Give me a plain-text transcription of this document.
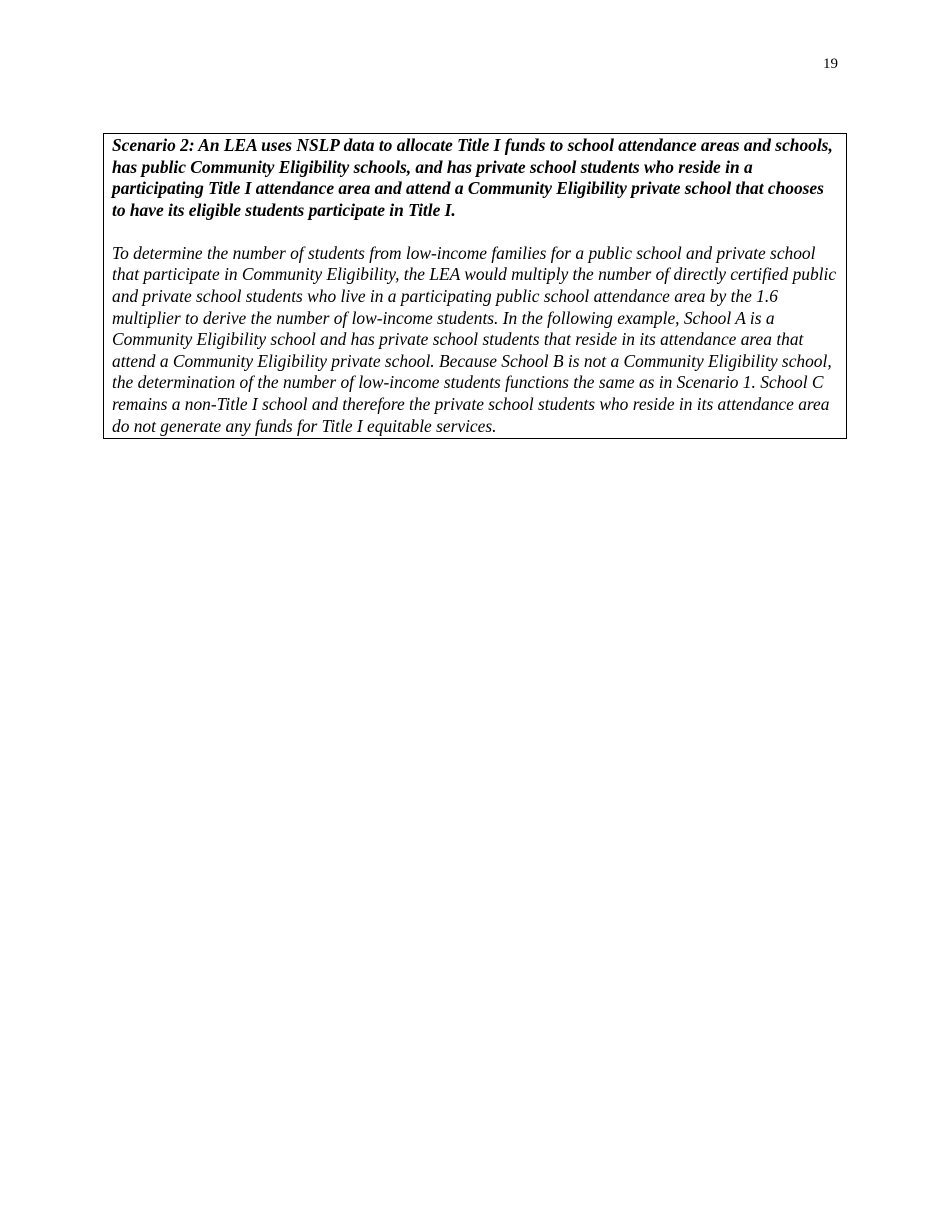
19

Scenario 2: An LEA uses NSLP data to allocate Title I funds to school attendance areas and schools, has public Community Eligibility schools, and has private school students who reside in a participating Title I attendance area and attend a Community Eligibility private school that chooses to have its eligible students participate in Title I.

To determine the number of students from low-income families for a public school and private school that participate in Community Eligibility, the LEA would multiply the number of directly certified public and private school students who live in a participating public school attendance area by the 1.6 multiplier to derive the number of low-income students. In the following example, School A is a Community Eligibility school and has private school students that reside in its attendance area that attend a Community Eligibility private school. Because School B is not a Community Eligibility school, the determination of the number of low-income students functions the same as in Scenario 1. School C remains a non-Title I school and therefore the private school students who reside in its attendance area do not generate any funds for Title I equitable services.
